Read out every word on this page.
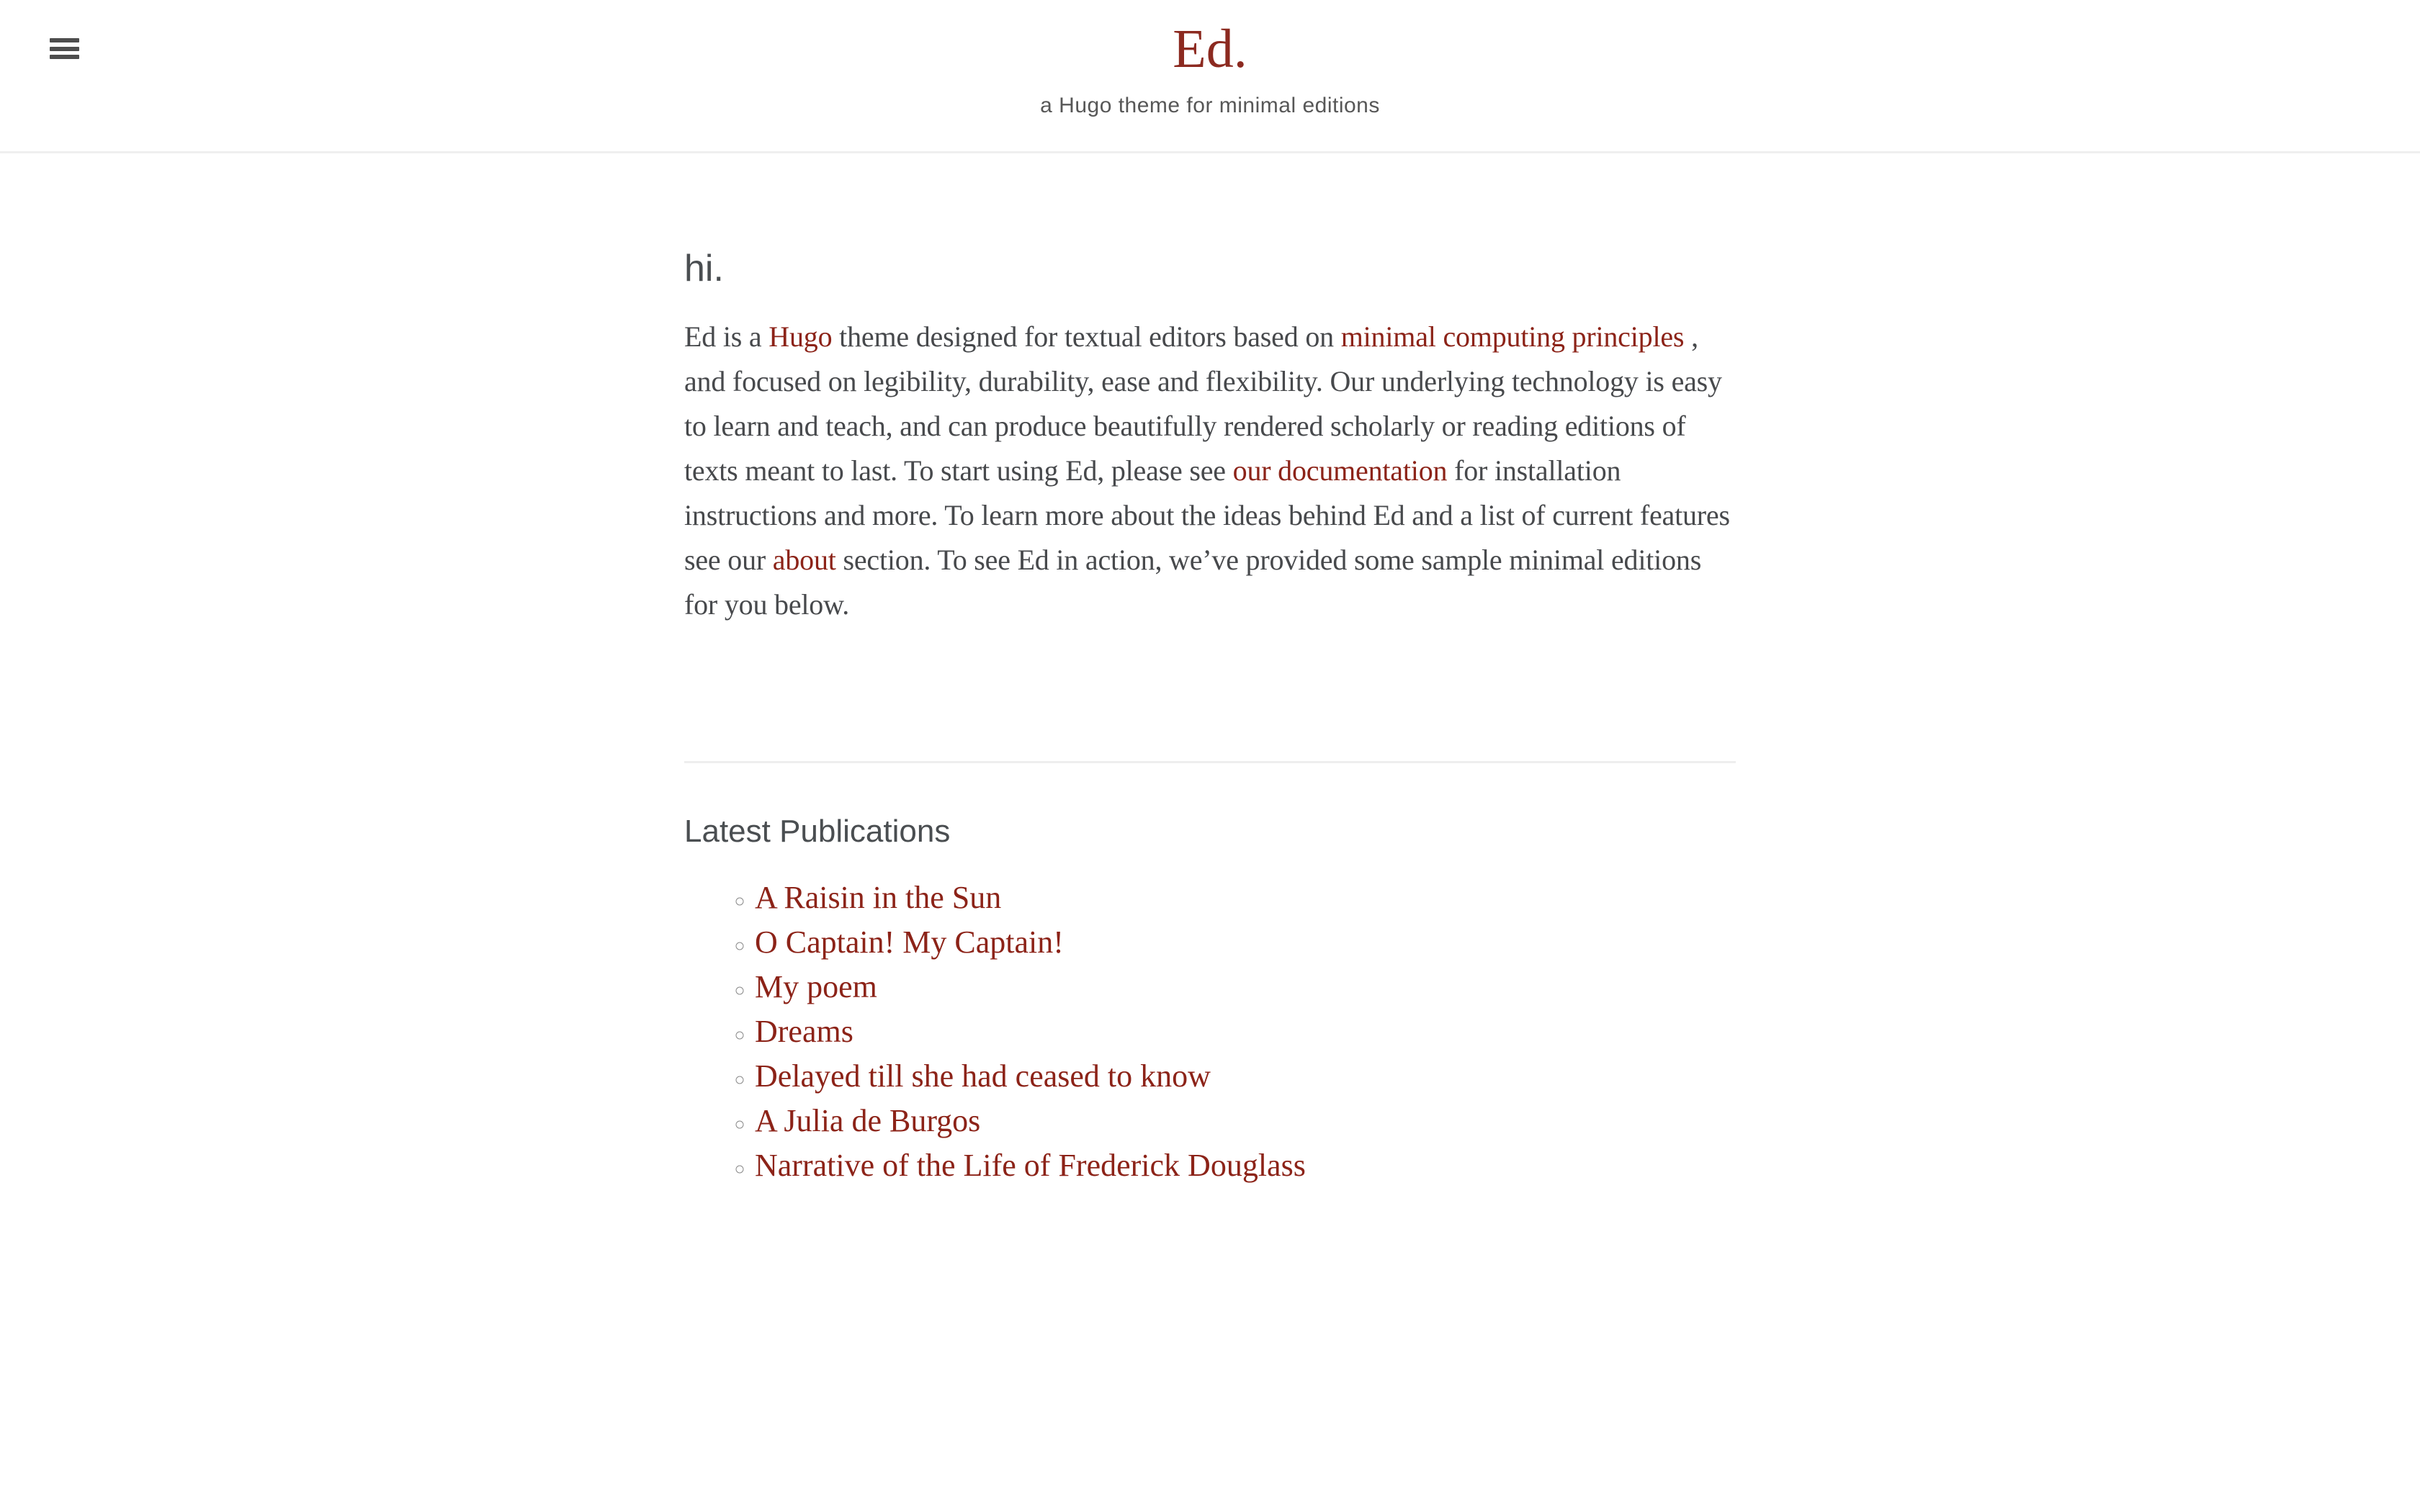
Ed.
a Hugo theme for minimal editions
hi.

Ed is a Hugo theme designed for textual editors based on minimal computing principles , and focused on legibility, durability, ease and flexibility. Our underlying technology is easy to learn and teach, and can produce beautifully rendered scholarly or reading editions of texts meant to last. To start using Ed, please see our documentation for installation instructions and more. To learn more about the ideas behind Ed and a list of current features see our about section. To see Ed in action, we’ve provided some sample minimal editions for you below.

Latest Publications
◦ A Raisin in the Sun
◦ O Captain! My Captain!
◦ My poem
◦ Dreams
◦ Delayed till she had ceased to know
◦ A Julia de Burgos
◦ Narrative of the Life of Frederick Douglass
